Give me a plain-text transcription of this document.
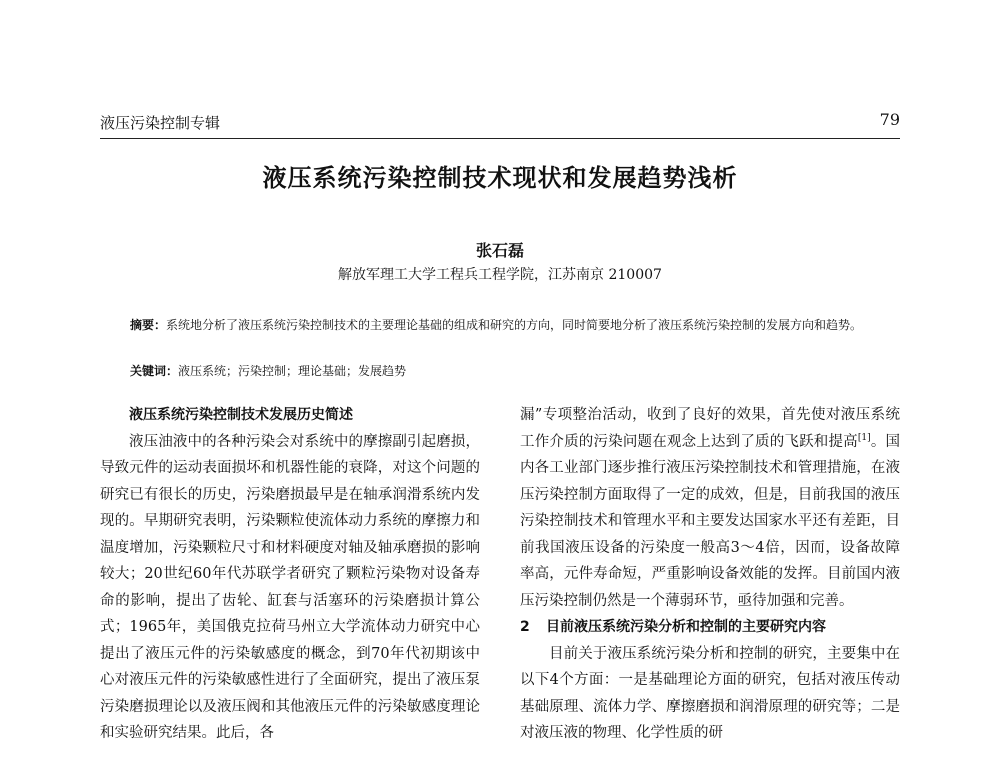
液压污染控制专辑	79
液压系统污染控制技术现状和发展趋势浅析
张石磊
解放军理工大学工程兵工程学院，江苏南京 210007
摘要：系统地分析了液压系统污染控制技术的主要理论基础的组成和研究的方向，同时简要地分析了液压系统污染控制的发展方向和趋势。
关键词：液压系统；污染控制；理论基础；发展趋势

液压系统污染控制技术发展历史简述

液压油液中的各种污染会对系统中的摩擦副引起磨损，导致元件的运动表面损坏和机器性能的衰降，对这个问题的研究已有很长的历史，污染磨损最早是在轴承润滑系统内发现的。早期研究表明，污染颗粒使流体动力系统的摩擦力和温度增加，污染颗粒尺寸和材料硬度对轴及轴承磨损的影响较大；20世纪60年代苏联学者研究了颗粒污染物对设备寿命的影响，提出了齿轮、缸套与活塞环的污染磨损计算公式；1965年，美国俄克拉荷马州立大学流体动力研究中心提出了液压元件的污染敏感度的概念，到70年代初期该中心对液压元件的污染敏感性进行了全面研究，提出了液压泵污染磨损理论以及液压阀和其他液压元件的污染敏感度理论和实验研究结果。此后，各

漏”专项整治活动，收到了良好的效果，首先使对液压系统工作介质的污染问题在观念上达到了质的飞跃和提高[1]。国内各工业部门逐步推行液压污染控制技术和管理措施，在液压污染控制方面取得了一定的成效，但是，目前我国的液压污染控制技术和管理水平和主要发达国家水平还有差距，目前我国液压设备的污染度一般高3～4倍，因而，设备故障率高，元件寿命短，严重影响设备效能的发挥。目前国内液压污染控制仍然是一个薄弱环节，亟待加强和完善。

2 目前液压系统污染分析和控制的主要研究内容

目前关于液压系统污染分析和控制的研究，主要集中在以下4个方面：一是基础理论方面的研究，包括对液压传动基础原理、流体力学、摩擦磨损和润滑原理的研究等；二是对液压液的物理、化学性质的研
